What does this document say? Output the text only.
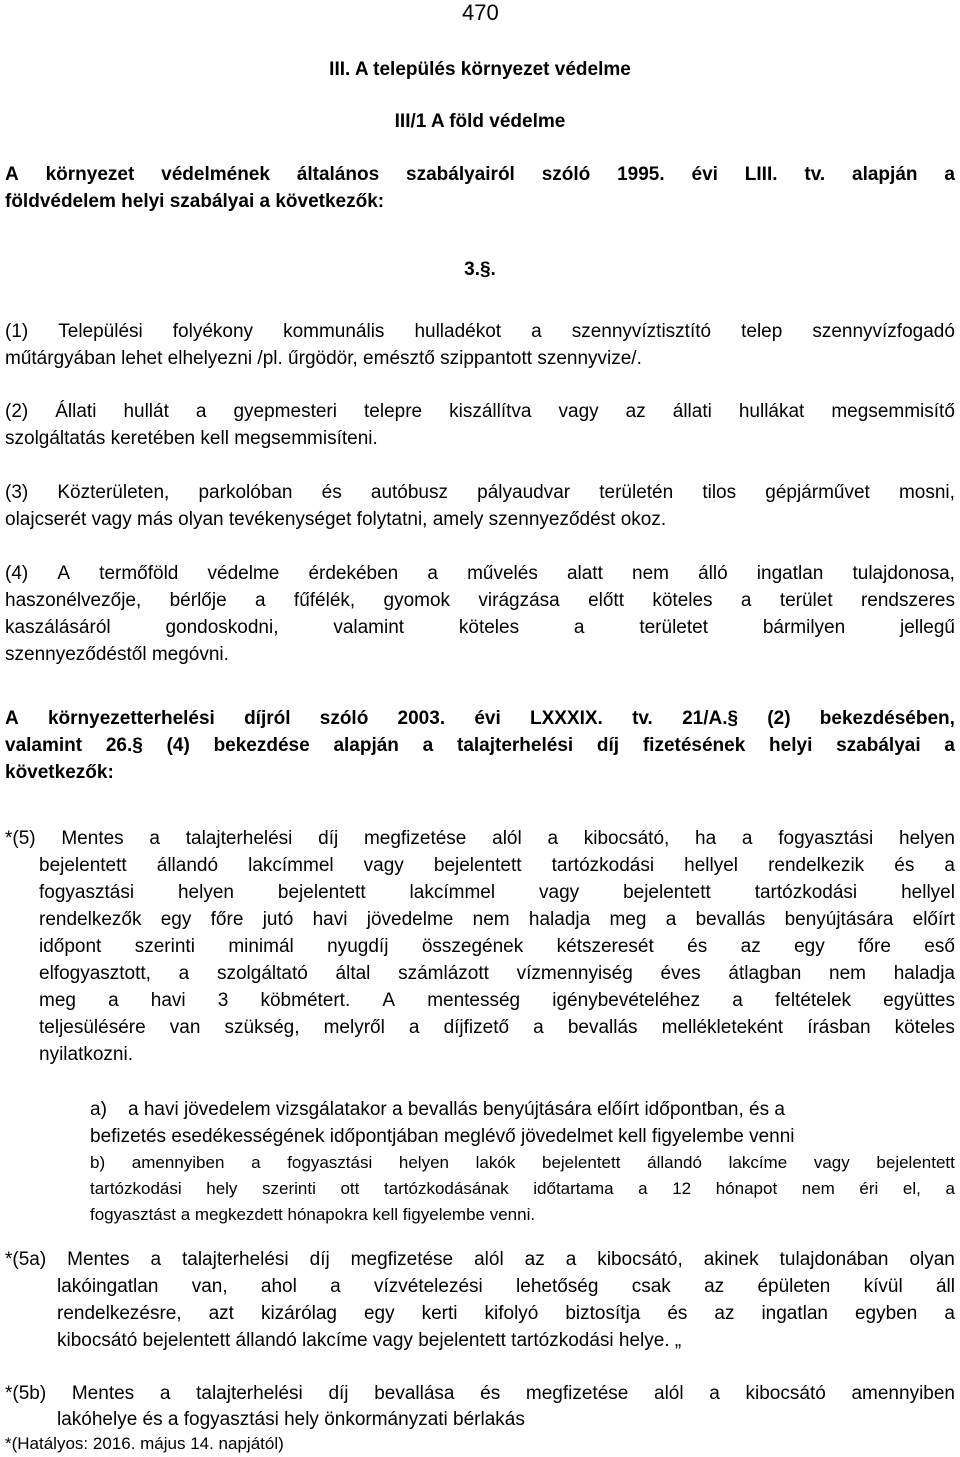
470
III. A település környezet védelme
III/1 A föld védelme
A környezet védelmének általános szabályairól szóló 1995. évi LIII. tv. alapján a
földvédelem helyi szabályai a következők:
3.§.
(1) Települési folyékony kommunális hulladékot a szennyvíztisztító telep szennyvízfogadó
műtárgyában lehet elhelyezni /pl. űrgödör, emésztő szippantott szennyvize/.
(2) Állati hullát a gyepmesteri telepre kiszállítva vagy az állati hullákat megsemmisítő
szolgáltatás keretében kell megsemmisíteni.
(3) Közterületen, parkolóban és autóbusz pályaudvar területén tilos gépjárművet mosni,
olajcserét vagy más olyan tevékenységet folytatni, amely szennyeződést okoz.
(4) A termőföld védelme érdekében a művelés alatt nem álló ingatlan tulajdonosa,
haszonélvezője, bérlője a fűfélék, gyomok virágzása előtt köteles a terület rendszeres
kaszálásáról	gondoskodni,	valamint	köteles	a	területet	bármilyen	jellegű
szennyeződéstől megóvni.
A környezetterhelési díjról szóló 2003. évi LXXXIX. tv. 21/A.§ (2) bekezdésében,
valamint 26.§ (4) bekezdése alapján a talajterhelési díj fizetésének helyi szabályai a
következők:
*(5) Mentes a talajterhelési díj megfizetése alól a kibocsátó, ha a fogyasztási helyen
bejelentett állandó lakcímmel vagy bejelentett tartózkodási hellyel rendelkezik és a
fogyasztási helyen bejelentett lakcímmel vagy bejelentett tartózkodási hellyel
rendelkezők egy főre jutó havi jövedelme nem haladja meg a bevallás benyújtására előírt
időpont szerinti minimál nyugdíj összegének kétszeresét és az egy főre eső
elfogyasztott, a szolgáltató által számlázott vízmennyiség éves átlagban nem haladja
meg a havi 3 köbmétert. A mentesség igénybevételéhez a feltételek együttes
teljesülésére van szükség, melyről a díjfizető a bevallás mellékleteként írásban köteles
nyilatkozni.
a)    a havi jövedelem vizsgálatakor a bevallás benyújtására előírt időpontban, és a
befizetés esedékességének időpontjában meglévő jövedelmet kell figyelembe venni
b) amennyiben a fogyasztási helyen lakók bejelentett állandó lakcíme vagy bejelentett
tartózkodási hely szerinti ott tartózkodásának időtartama a 12 hónapot nem éri el, a
fogyasztást a megkezdett hónapokra kell figyelembe venni.
*(5a) Mentes a talajterhelési díj megfizetése alól az a kibocsátó, akinek tulajdonában olyan
lakóingatlan van, ahol a vízvételezési lehetőség csak az épületen kívül áll
rendelkezésre, azt kizárólag egy kerti kifolyó biztosítja és az ingatlan egyben a
kibocsátó bejelentett állandó lakcíme vagy bejelentett tartózkodási helye. „
*(5b) Mentes a talajterhelési díj bevallása és megfizetése alól a kibocsátó amennyiben
lakóhelye és a fogyasztási hely önkormányzati bérlakás
*(Hatályos: 2016. május 14. napjától)
